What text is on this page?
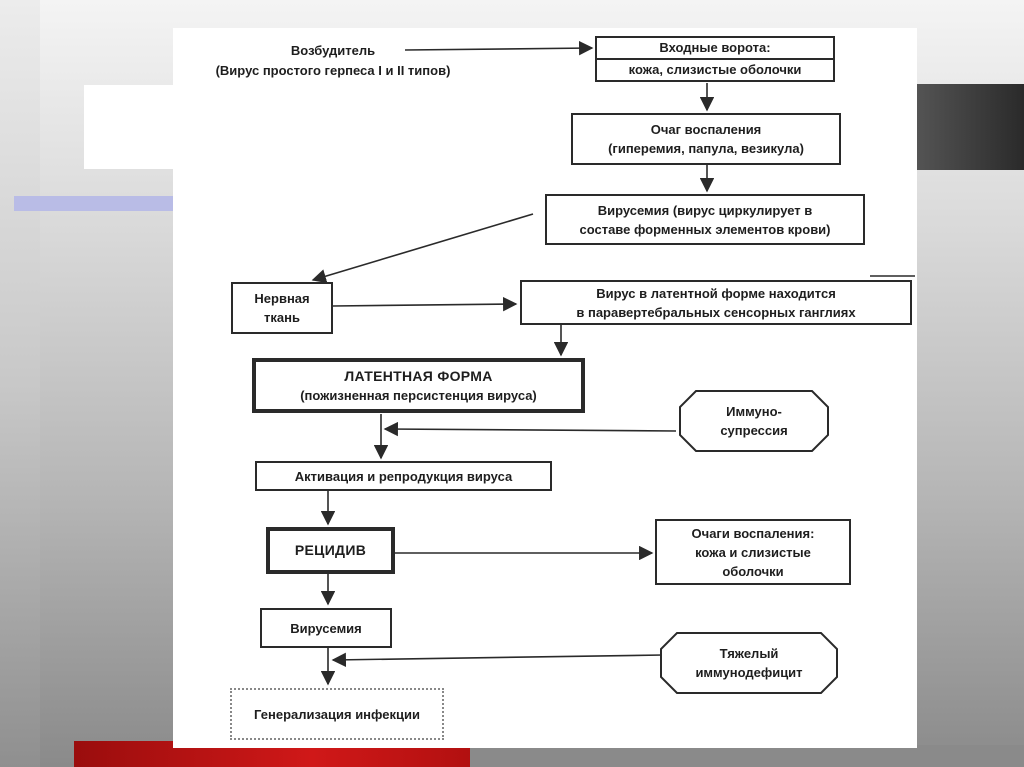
Возбудитель
(Вирус простого герпеса I и II типов)
Входные ворота:
кожа, слизистые оболочки
Очаг воспаления
(гиперемия, папула, везикула)
Вирусемия (вирус циркулирует в
составе форменных элементов крови)
Нервная
ткань
Вирус в латентной форме находится
в паравертебральных сенсорных ганглиях
ЛАТЕНТНАЯ ФОРМА
(пожизненная персистенция вируса)
Иммуно-
супрессия
Активация и репродукция вируса
РЕЦИДИВ
Очаги воспаления:
кожа и слизистые
оболочки
Вирусемия
Тяжелый
иммунодефицит
Генерализация инфекции
